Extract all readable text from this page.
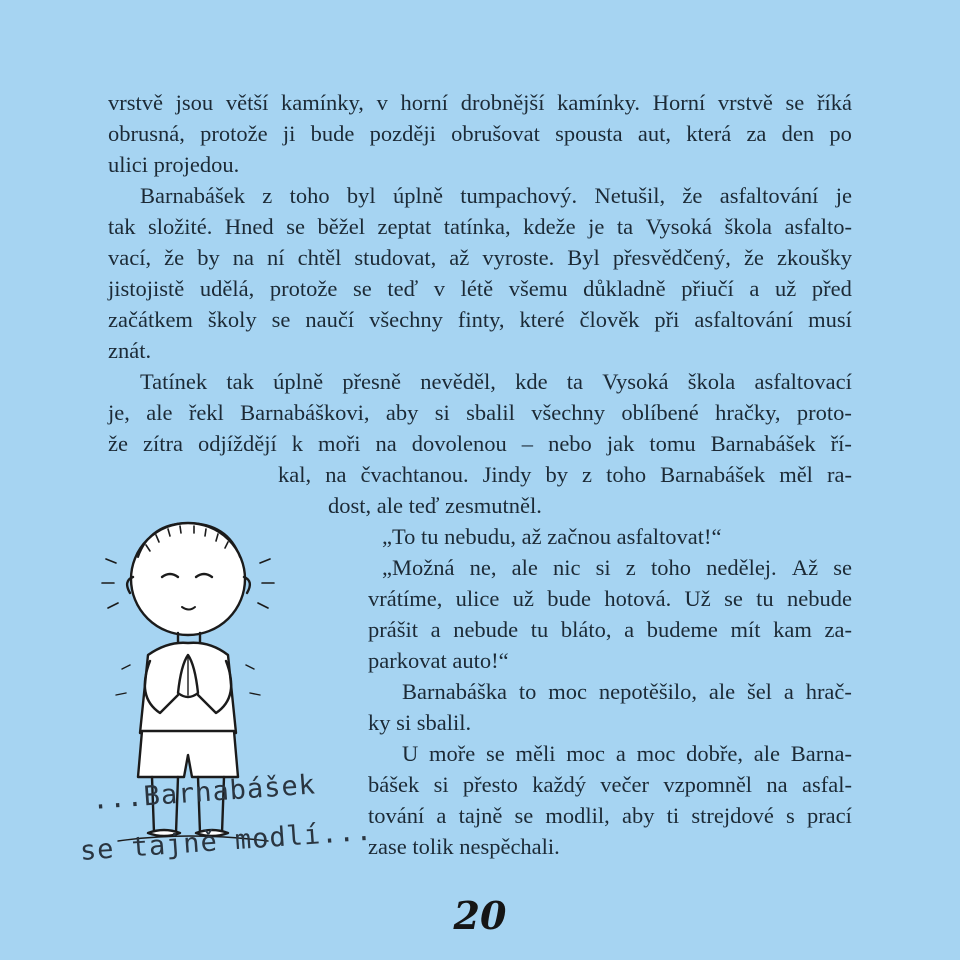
vrstvě jsou větší kamínky, v horní drobnější kamínky. Horní vrstvě se říká
obrusná, protože ji bude později obrušovat spousta aut, která za den po
ulici projedou.
Barnabášek z toho byl úplně tumpachový. Netušil, že asfaltování je
tak složité. Hned se běžel zeptat tatínka, kdeže je ta Vysoká škola asfalto-
vací, že by na ní chtěl studovat, až vyroste. Byl přesvědčený, že zkoušky
jistojistě udělá, protože se teď v létě všemu důkladně přiučí a už před
začátkem školy se naučí všechny finty, které člověk při asfaltování musí
znát.
Tatínek tak úplně přesně nevěděl, kde ta Vysoká škola asfaltovací
je, ale řekl Barnabáškovi, aby si sbalil všechny oblíbené hračky, proto-
že zítra odjíždějí k moři na dovolenou – nebo jak tomu Barnabášek ří-
kal, na čvachtanou. Jindy by z toho Barnabášek měl ra-
dost, ale teď zesmutněl.
„To tu nebudu, až začnou asfaltovat!“
„Možná ne, ale nic si z toho nedělej. Až se
vrátíme, ulice už bude hotová. Už se tu nebude
prášit a nebude tu bláto, a budeme mít kam za-
parkovat auto!“
Barnabáška to moc nepotěšilo, ale šel a hrač-
ky si sbalil.
U moře se měli moc a moc dobře, ale Barna-
bášek si přesto každý večer vzpomněl na asfal-
tování a tajně se modlil, aby ti strejdové s prací
zase tolik nespěchali.
...Barnabášek
se tajně modlí...
20
